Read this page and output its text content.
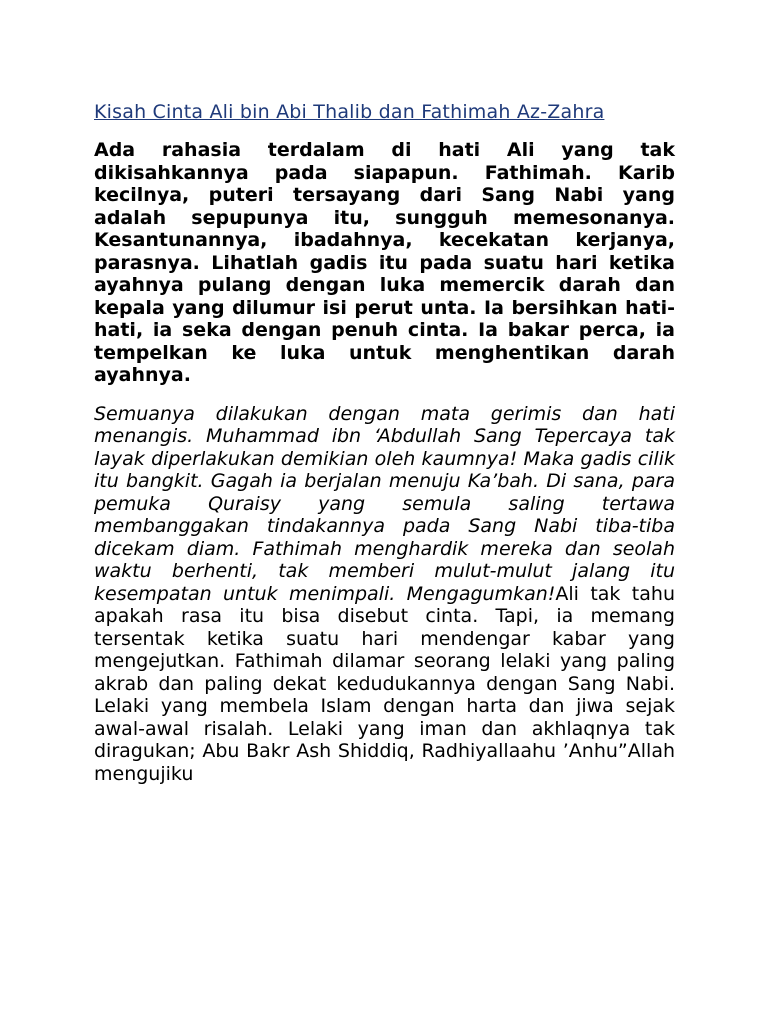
Kisah Cinta Ali bin Abi Thalib dan Fathimah Az-Zahra

Ada rahasia terdalam di hati Ali yang tak dikisahkannya pada siapapun. Fathimah. Karib kecilnya, puteri tersayang dari Sang Nabi yang adalah sepupunya itu, sungguh memesonanya. Kesantunannya, ibadahnya, kecekatan kerjanya, parasnya. Lihatlah gadis itu pada suatu hari ketika ayahnya pulang dengan luka memercik darah dan kepala yang dilumur isi perut unta. Ia bersihkan hati-hati, ia seka dengan penuh cinta. Ia bakar perca, ia tempelkan ke luka untuk menghentikan darah ayahnya.

Semuanya dilakukan dengan mata gerimis dan hati menangis. Muhammad ibn ‘Abdullah Sang Tepercaya tak layak diperlakukan demikian oleh kaumnya! Maka gadis cilik itu bangkit. Gagah ia berjalan menuju Ka’bah. Di sana, para pemuka Quraisy yang semula saling tertawa membanggakan tindakannya pada Sang Nabi tiba-tiba dicekam diam. Fathimah menghardik mereka dan seolah waktu berhenti, tak memberi mulut-mulut jalang itu kesempatan untuk menimpali. Mengagumkan!Ali tak tahu apakah rasa itu bisa disebut cinta. Tapi, ia memang tersentak ketika suatu hari mendengar kabar yang mengejutkan. Fathimah dilamar seorang lelaki yang paling akrab dan paling dekat kedudukannya dengan Sang Nabi. Lelaki yang membela Islam dengan harta dan jiwa sejak awal-awal risalah. Lelaki yang iman dan akhlaqnya tak diragukan; Abu Bakr Ash Shiddiq, Radhiyallaahu ’Anhu”Allah mengujiku
